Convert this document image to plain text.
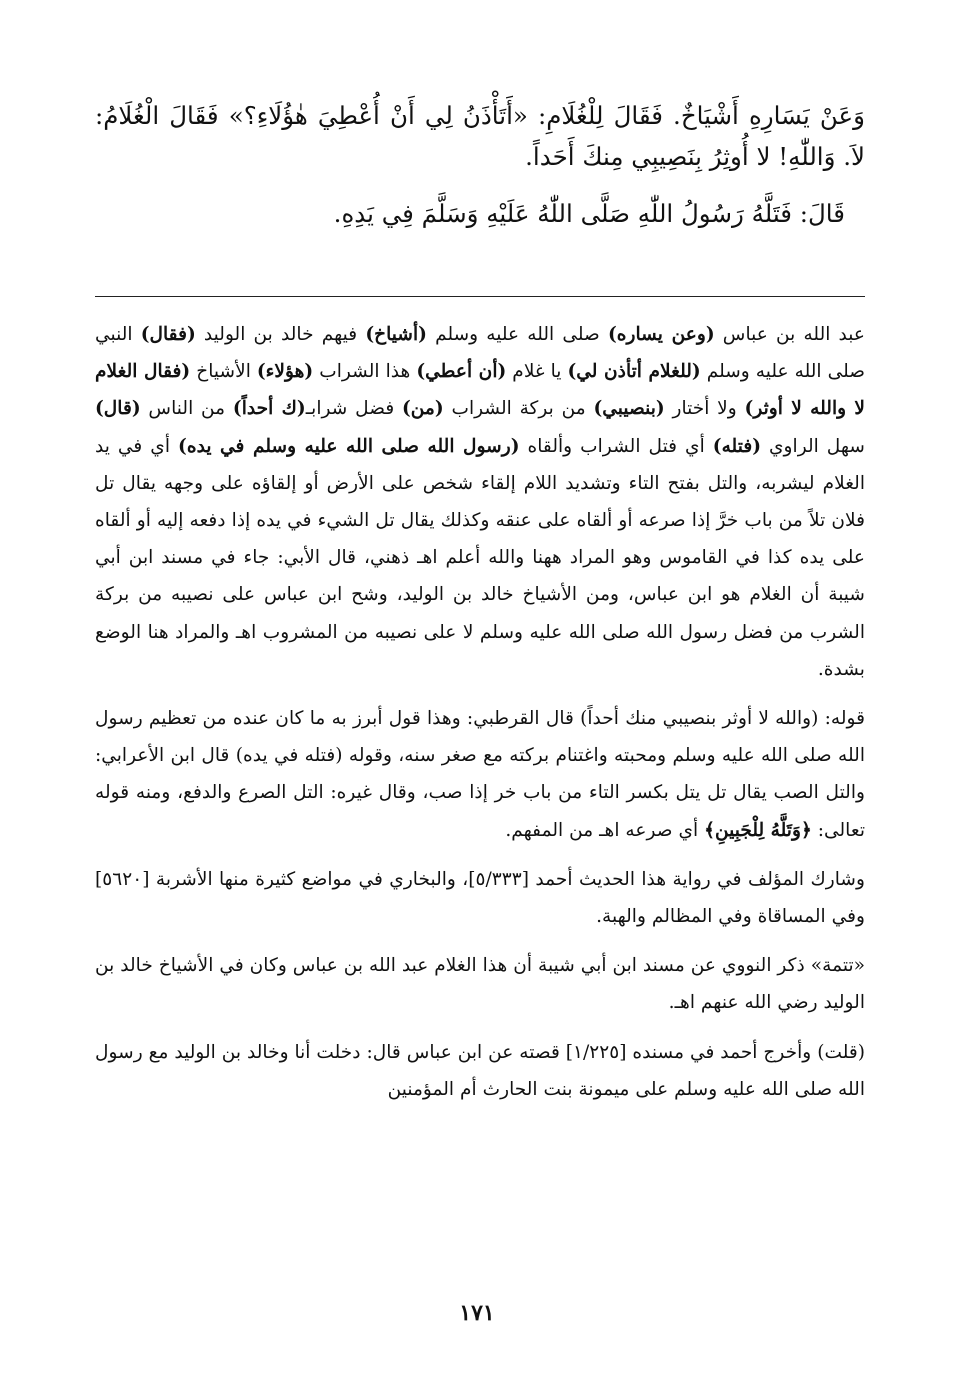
وَعَنْ يَسَارِهِ أَشْيَاخٌ. فَقَالَ لِلْغُلَامِ: «أَتَأْذَنُ لِي أَنْ أُعْطِيَ هٰؤُلَاءِ؟» فَقَالَ الْغُلَامُ: لاَ. وَاللّٰهِ! لا أُوثِرُ بِنَصِيبِي مِنكَ أَحَداً.

قَالَ: فَتَلَّهُ رَسُولُ اللّٰهِ صَلَّى اللّٰهُ عَلَيْهِ وَسَلَّمَ فِي يَدِهِ.

عبد الله بن عباس (وعن يساره) صلى الله عليه وسلم (أشياخ) فيهم خالد بن الوليد (فقال) النبي صلى الله عليه وسلم (للغلام أتأذن لي) يا غلام (أن أعطي) هذا الشراب (هؤلاء) الأشياخ (فقال الغلام لا والله لا أوثر) ولا أختار (بنصيبي) من بركة الشراب (من) فضل شرابـ(ك أحداً) من الناس (قال) سهل الراوي (فتله) أي فتل الشراب وألقاه (رسول الله صلى الله عليه وسلم في يده) أي في يد الغلام ليشربه، والتل بفتح التاء وتشديد اللام إلقاء شخص على الأرض أو إلقاؤه على وجهه يقال تل فلان تلاً من باب خرَّ إذا صرعه أو ألقاه على عنقه وكذلك يقال تل الشيء في يده إذا دفعه إليه أو ألقاه على يده كذا في القاموس وهو المراد ههنا والله أعلم اهـ ذهني، قال الأبي: جاء في مسند ابن أبي شيبة أن الغلام هو ابن عباس، ومن الأشياخ خالد بن الوليد، وشح ابن عباس على نصيبه من بركة الشرب من فضل رسول الله صلى الله عليه وسلم لا على نصيبه من المشروب اهـ والمراد هنا الوضع بشدة.

قوله: (والله لا أوثر بنصيبي منك أحداً) قال القرطبي: وهذا قول أبرز به ما كان عنده من تعظيم رسول الله صلى الله عليه وسلم ومحبته واغتنام بركته مع صغر سنه، وقوله (فتله في يده) قال ابن الأعرابي: والتل الصب يقال تل يتل بكسر التاء من باب خر إذا صب، وقال غيره: التل الصرع والدفع، ومنه قوله تعالى: ﴿وَتَلَّهُ لِلْجَبِينِ﴾ أي صرعه اهـ من المفهم.

وشارك المؤلف في رواية هذا الحديث أحمد [٥/٣٣٣]، والبخاري في مواضع كثيرة منها الأشربة [٥٦٢٠] وفي المساقاة وفي المظالم والهبة.

«تتمة» ذكر النووي عن مسند ابن أبي شيبة أن هذا الغلام عبد الله بن عباس وكان في الأشياخ خالد بن الوليد رضي الله عنهم اهـ.

(قلت) وأخرج أحمد في مسنده [١/٢٢٥] قصته عن ابن عباس قال: دخلت أنا وخالد بن الوليد مع رسول الله صلى الله عليه وسلم على ميمونة بنت الحارث أم المؤمنين

١٧١
